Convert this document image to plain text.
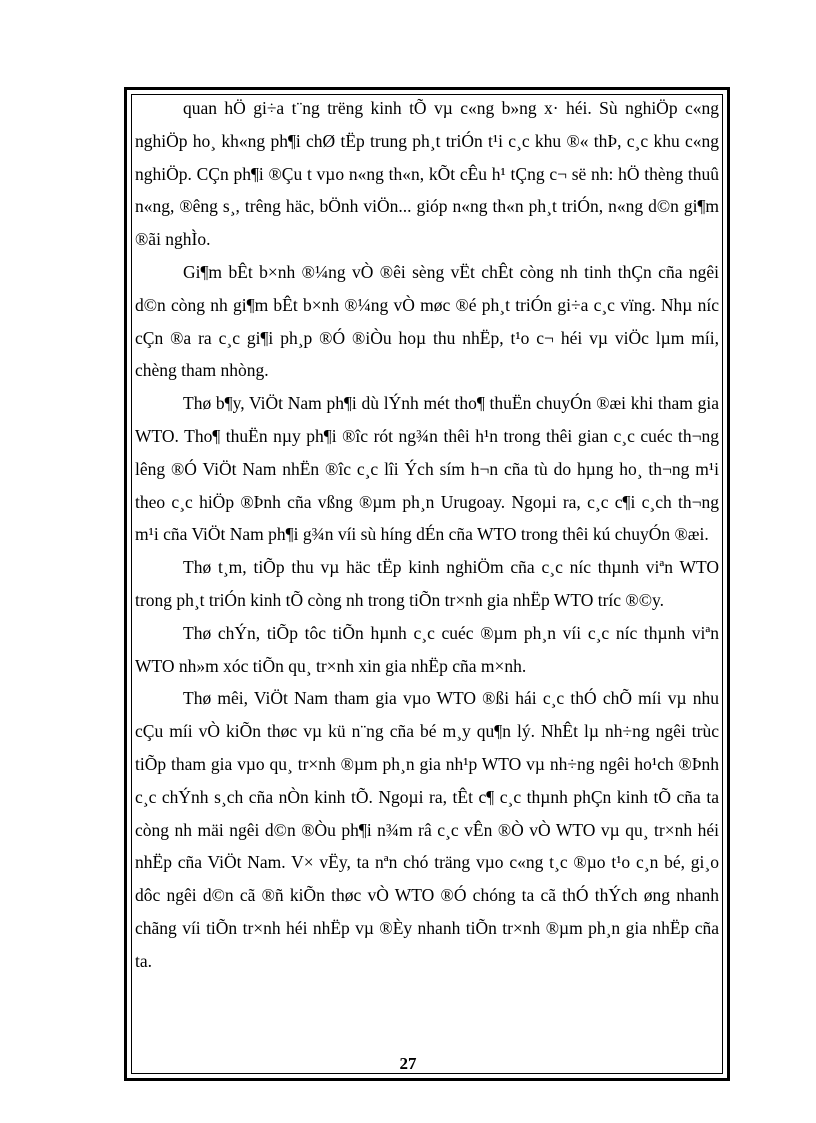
quan hÖ gi÷a t¨ng trëng kinh tÕ vµ c«ng b»ng x· héi. Sù nghiÖp c«ng nghiÖp ho¸ kh«ng ph¶i chØ tËp trung ph¸t triÓn t¹i c¸c khu ®« thÞ, c¸c khu c«ng nghiÖp. CÇn ph¶i ®Çu t vµo n«ng th«n, kÕt cÊu h¹ tÇng c¬ së nh: hÖ thèng thuû n«ng, ®êng s¸, trêng häc, bÖnh viÖn... gióp n«ng th«n ph¸t triÓn, n«ng d©n gi¶m ®ãi nghÌo.

Gi¶m bÊt b×nh ®¼ng vÒ ®êi sèng vËt chÊt còng nh tinh thÇn cña ngêi d©n còng nh gi¶m bÊt b×nh ®¼ng vÒ møc ®é ph¸t triÓn gi÷a c¸c vïng. Nhµ níc cÇn ®a ra c¸c gi¶i ph¸p ®Ó ®iÒu hoµ thu nhËp, t¹o c¬ héi vµ viÖc lµm míi, chèng tham nhòng.

Thø b¶y, ViÖt Nam ph¶i dù lÝnh mét tho¶ thuËn chuyÓn ®æi khi tham gia WTO. Tho¶ thuËn nµy ph¶i ®îc rót ng¾n thêi h¹n trong thêi gian c¸c cuéc th¬ng lêng ®Ó ViÖt Nam nhËn ®îc c¸c lîi Ých sím h¬n cña tù do hµng ho¸ th¬ng m¹i theo c¸c hiÖp ®Þnh cña vßng ®µm ph¸n Urugoay. Ngoµi ra, c¸c c¶i c¸ch th¬ng m¹i cña ViÖt Nam ph¶i g¾n víi sù híng dÉn cña WTO trong thêi kú chuyÓn ®æi.

Thø t¸m, tiÕp thu vµ häc tËp kinh nghiÖm cña c¸c níc thµnh viªn WTO trong ph¸t triÓn kinh tÕ còng nh trong tiÕn tr×nh gia nhËp WTO tríc ®©y.

Thø chÝn, tiÕp tôc tiÕn hµnh c¸c cuéc ®µm ph¸n víi c¸c níc thµnh viªn WTO nh»m xóc tiÕn qu¸ tr×nh xin gia nhËp cña m×nh.

Thø mêi, ViÖt Nam tham gia vµo WTO ®ßi hái c¸c thÓ chÕ míi vµ nhu cÇu míi vÒ kiÕn thøc vµ kü n¨ng cña bé m¸y qu¶n lý. NhÊt lµ nh÷ng ngêi trùc tiÕp tham gia vµo qu¸ tr×nh ®µm ph¸n gia nh¹p WTO vµ nh÷ng ngêi ho¹ch ®Þnh c¸c chÝnh s¸ch cña nÒn kinh tÕ. Ngoµi ra, tÊt c¶ c¸c thµnh phÇn kinh tÕ cña ta còng nh mäi ngêi d©n ®Òu ph¶i n¾m râ c¸c vÊn ®Ò vÒ WTO vµ qu¸ tr×nh héi nhËp cña ViÖt Nam. V× vËy, ta nªn chó träng vµo c«ng t¸c ®µo t¹o c¸n bé, gi¸o dôc ngêi d©n cã ®ñ kiÕn thøc vÒ WTO ®Ó chóng ta cã thÓ thÝch øng nhanh chãng víi tiÕn tr×nh héi nhËp vµ ®Èy nhanh tiÕn tr×nh ®µm ph¸n gia nhËp cña ta.

27
